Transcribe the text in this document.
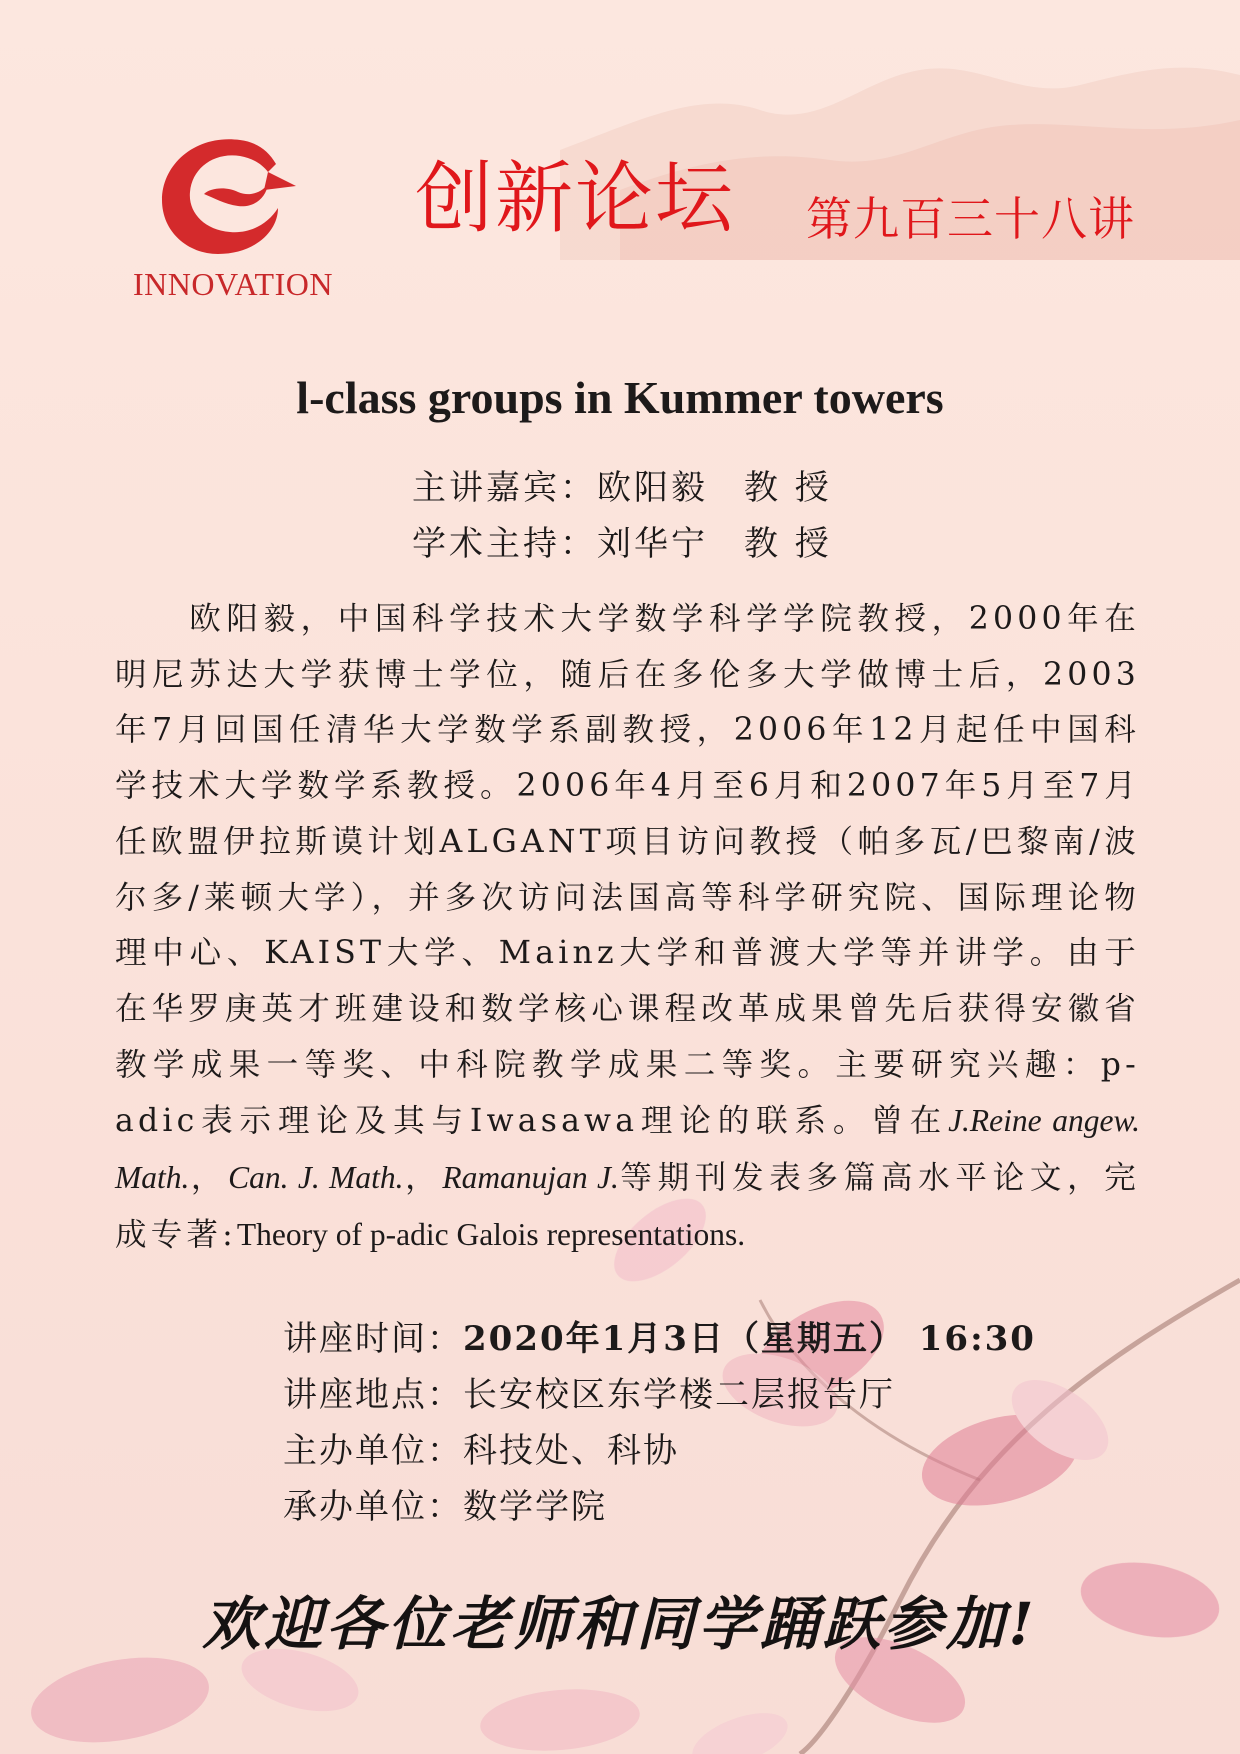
INNOVATION
创新论坛 第九百三十八讲
l-class groups in Kummer towers
主讲嘉宾：欧阳毅 教 授
学术主持：刘华宁 教 授

　　欧阳毅，中国科学技术大学数学科学学院教授，2000年在明尼苏达大学获博士学位，随后在多伦多大学做博士后，2003年7月回国任清华大学数学系副教授，2006年12月起任中国科学技术大学数学系教授。2006年4月至6月和2007年5月至7月任欧盟伊拉斯谟计划ALGANT项目访问教授（帕多瓦/巴黎南/波尔多/莱顿大学），并多次访问法国高等科学研究院、国际理论物理中心、KAIST大学、Mainz大学和普渡大学等并讲学。由于在华罗庚英才班建设和数学核心课程改革成果曾先后获得安徽省教学成果一等奖、中科院教学成果二等奖。主要研究兴趣：p-adic表示理论及其与Iwasawa理论的联系。曾在J.Reine angew. Math.，Can. J. Math.，Ramanujan J.等期刊发表多篇高水平论文，完成专著:Theory of p-adic Galois representations.

讲座时间：2020年1月3日（星期五） 16:30
讲座地点：长安校区东学楼二层报告厅
主办单位：科技处、科协
承办单位：数学学院
欢迎各位老师和同学踊跃参加!
